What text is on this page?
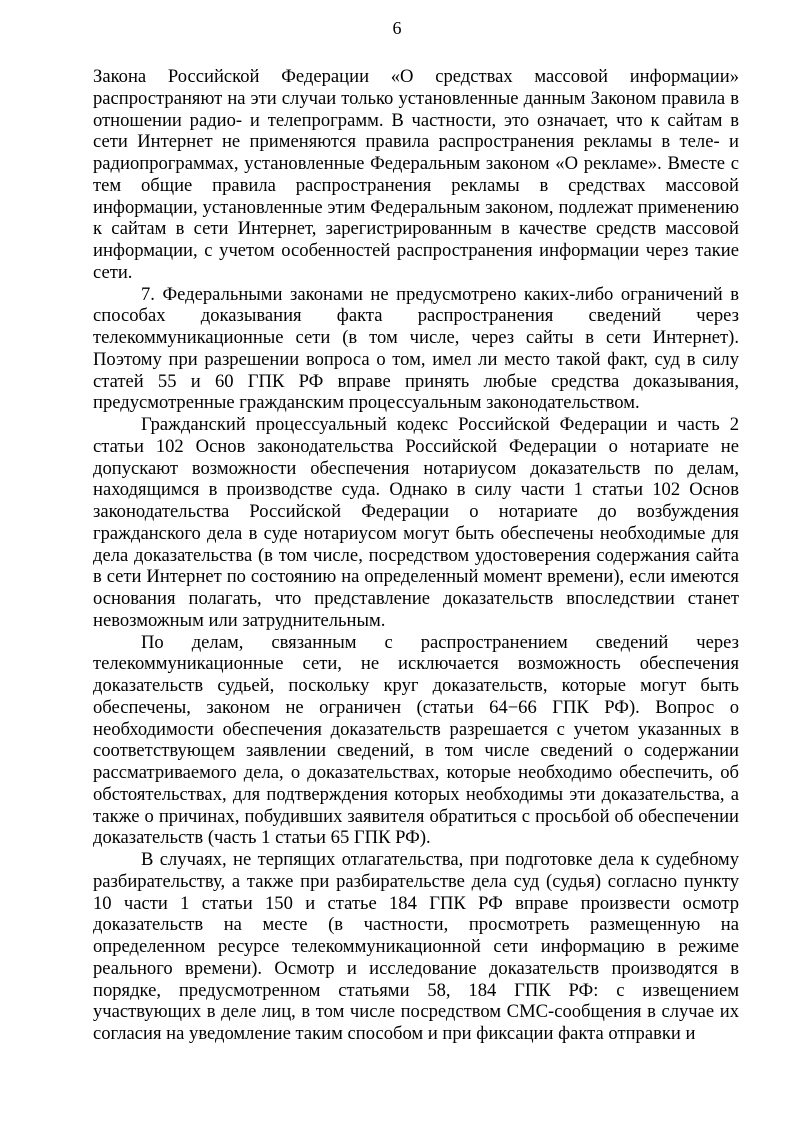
6

Закона Российской Федерации «О средствах массовой информации» распространяют на эти случаи только установленные данным Законом правила в отношении радио- и телепрограмм. В частности, это означает, что к сайтам в сети Интернет не применяются правила распространения рекламы в теле- и радиопрограммах, установленные Федеральным законом «О рекламе». Вместе с тем общие правила распространения рекламы в средствах массовой информации, установленные этим Федеральным законом, подлежат применению к сайтам в сети Интернет, зарегистрированным в качестве средств массовой информации, с учетом особенностей распространения информации через такие сети.

7. Федеральными законами не предусмотрено каких-либо ограничений в способах доказывания факта распространения сведений через телекоммуникационные сети (в том числе, через сайты в сети Интернет). Поэтому при разрешении вопроса о том, имел ли место такой факт, суд в силу статей 55 и 60 ГПК РФ вправе принять любые средства доказывания, предусмотренные гражданским процессуальным законодательством.

Гражданский процессуальный кодекс Российской Федерации и часть 2 статьи 102 Основ законодательства Российской Федерации о нотариате не допускают возможности обеспечения нотариусом доказательств по делам, находящимся в производстве суда. Однако в силу части 1 статьи 102 Основ законодательства Российской Федерации о нотариате до возбуждения гражданского дела в суде нотариусом могут быть обеспечены необходимые для дела доказательства (в том числе, посредством удостоверения содержания сайта в сети Интернет по состоянию на определенный момент времени), если имеются основания полагать, что представление доказательств впоследствии станет невозможным или затруднительным.

По делам, связанным с распространением сведений через телекоммуникационные сети, не исключается возможность обеспечения доказательств судьей, поскольку круг доказательств, которые могут быть обеспечены, законом не ограничен (статьи 64−66 ГПК РФ). Вопрос о необходимости обеспечения доказательств разрешается с учетом указанных в соответствующем заявлении сведений, в том числе сведений о содержании рассматриваемого дела, о доказательствах, которые необходимо обеспечить, об обстоятельствах, для подтверждения которых необходимы эти доказательства, а также о причинах, побудивших заявителя обратиться с просьбой об обеспечении доказательств (часть 1 статьи 65 ГПК РФ).

В случаях, не терпящих отлагательства, при подготовке дела к судебному разбирательству, а также при разбирательстве дела суд (судья) согласно пункту 10 части 1 статьи 150 и статье 184 ГПК РФ вправе произвести осмотр доказательств на месте (в частности, просмотреть размещенную на определенном ресурсе телекоммуникационной сети информацию в режиме реального времени). Осмотр и исследование доказательств производятся в порядке, предусмотренном статьями 58, 184 ГПК РФ: с извещением участвующих в деле лиц, в том числе посредством СМС-сообщения в случае их согласия на уведомление таким способом и при фиксации факта отправки и
